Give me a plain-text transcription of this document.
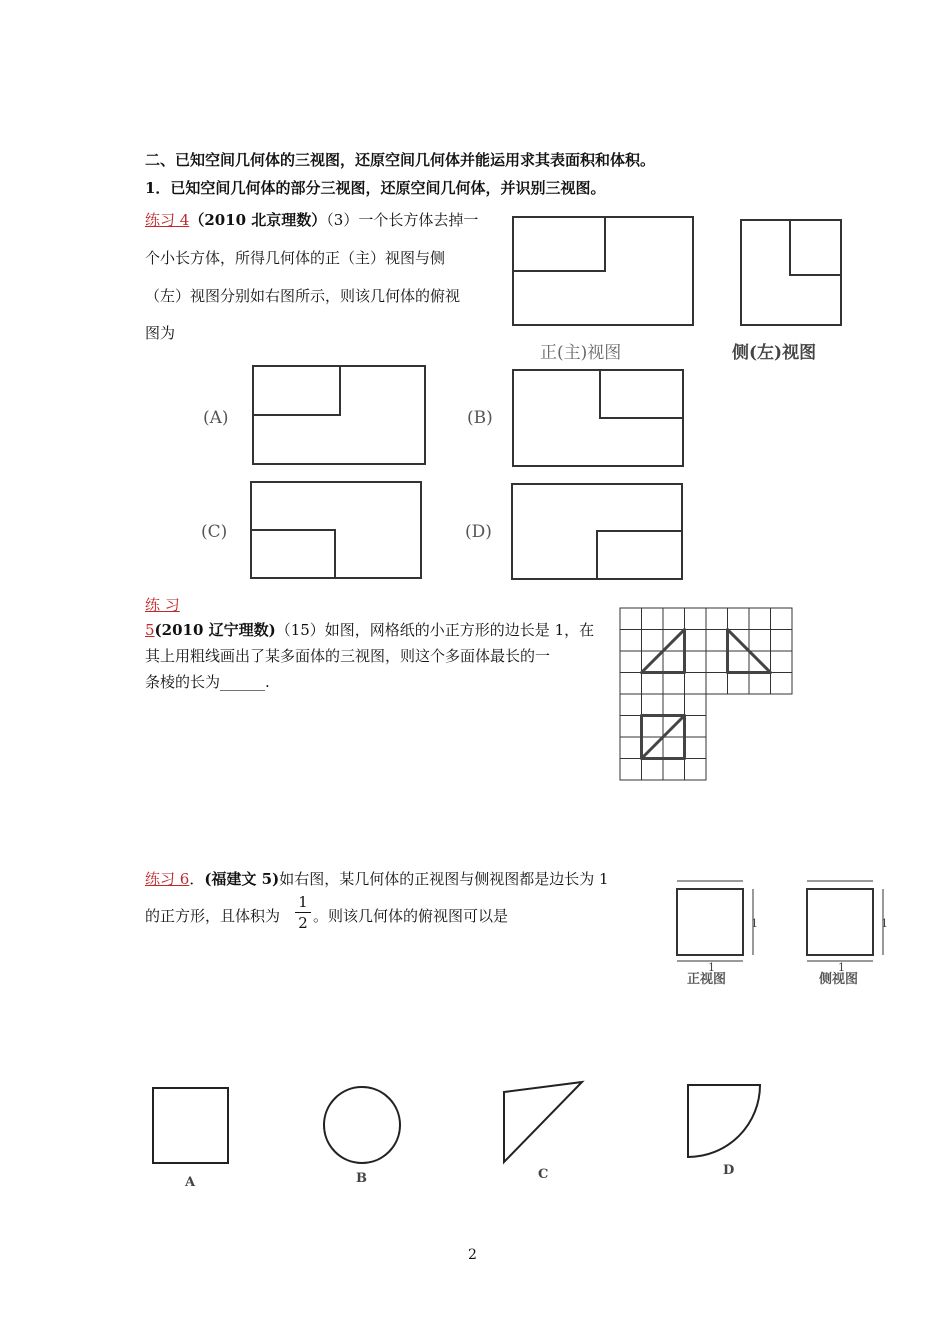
二、已知空间几何体的三视图，还原空间几何体并能运用求其表面积和体积。
1．已知空间几何体的部分三视图，还原空间几何体，并识别三视图。
练习 4（2010 北京理数）（3）一个长方体去掉一
个小长方体，所得几何体的正（主）视图与侧
（左）视图分别如右图所示，则该几何体的俯视
图为
正(主)视图	侧(左)视图
(A)	(B)
(C)	(D)
练 习
5(2010 辽宁理数)（15）如图，网格纸的小正方形的边长是 1，在
其上用粗线画出了某多面体的三视图，则这个多面体最长的一
条棱的长为______.
练习 6．(福建文 5)如右图，某几何体的正视图与侧视图都是边长为 1
的正方形，且体积为
1
2 。则该几何体的俯视图可以是	1
1
1
1
正视图	侧视图
A	B	C	D
2
